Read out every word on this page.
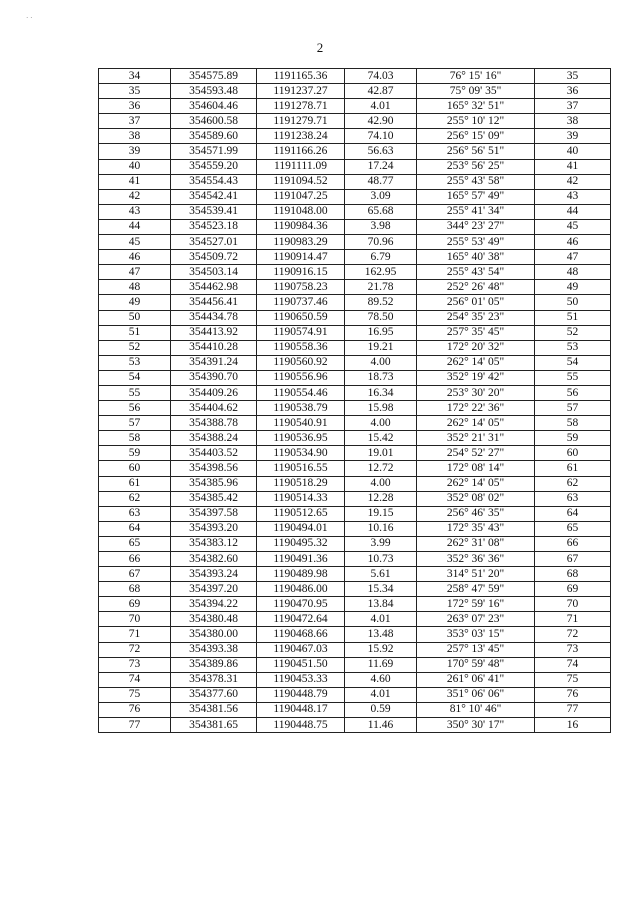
· ·
2
34	354575.89	1191165.36	74.03	76° 15' 16"	35
35	354593.48	1191237.27	42.87	75° 09' 35"	36
36	354604.46	1191278.71	4.01	165° 32' 51"	37
37	354600.58	1191279.71	42.90	255° 10' 12"	38
38	354589.60	1191238.24	74.10	256° 15' 09"	39
39	354571.99	1191166.26	56.63	256° 56' 51"	40
40	354559.20	1191111.09	17.24	253° 56' 25"	41
41	354554.43	1191094.52	48.77	255° 43' 58"	42
42	354542.41	1191047.25	3.09	165° 57' 49"	43
43	354539.41	1191048.00	65.68	255° 41' 34"	44
44	354523.18	1190984.36	3.98	344° 23' 27"	45
45	354527.01	1190983.29	70.96	255° 53' 49"	46
46	354509.72	1190914.47	6.79	165° 40' 38"	47
47	354503.14	1190916.15	162.95	255° 43' 54"	48
48	354462.98	1190758.23	21.78	252° 26' 48"	49
49	354456.41	1190737.46	89.52	256° 01' 05"	50
50	354434.78	1190650.59	78.50	254° 35' 23"	51
51	354413.92	1190574.91	16.95	257° 35' 45"	52
52	354410.28	1190558.36	19.21	172° 20' 32"	53
53	354391.24	1190560.92	4.00	262° 14' 05"	54
54	354390.70	1190556.96	18.73	352° 19' 42"	55
55	354409.26	1190554.46	16.34	253° 30' 20"	56
56	354404.62	1190538.79	15.98	172° 22' 36"	57
57	354388.78	1190540.91	4.00	262° 14' 05"	58
58	354388.24	1190536.95	15.42	352° 21' 31"	59
59	354403.52	1190534.90	19.01	254° 52' 27"	60
60	354398.56	1190516.55	12.72	172° 08' 14"	61
61	354385.96	1190518.29	4.00	262° 14' 05"	62
62	354385.42	1190514.33	12.28	352° 08' 02"	63
63	354397.58	1190512.65	19.15	256° 46' 35"	64
64	354393.20	1190494.01	10.16	172° 35' 43"	65
65	354383.12	1190495.32	3.99	262° 31' 08"	66
66	354382.60	1190491.36	10.73	352° 36' 36"	67
67	354393.24	1190489.98	5.61	314° 51' 20"	68
68	354397.20	1190486.00	15.34	258° 47' 59"	69
69	354394.22	1190470.95	13.84	172° 59' 16"	70
70	354380.48	1190472.64	4.01	263° 07' 23"	71
71	354380.00	1190468.66	13.48	353° 03' 15"	72
72	354393.38	1190467.03	15.92	257° 13' 45"	73
73	354389.86	1190451.50	11.69	170° 59' 48"	74
74	354378.31	1190453.33	4.60	261° 06' 41"	75
75	354377.60	1190448.79	4.01	351° 06' 06"	76
76	354381.56	1190448.17	0.59	81° 10' 46"	77
77	354381.65	1190448.75	11.46	350° 30' 17"	16
